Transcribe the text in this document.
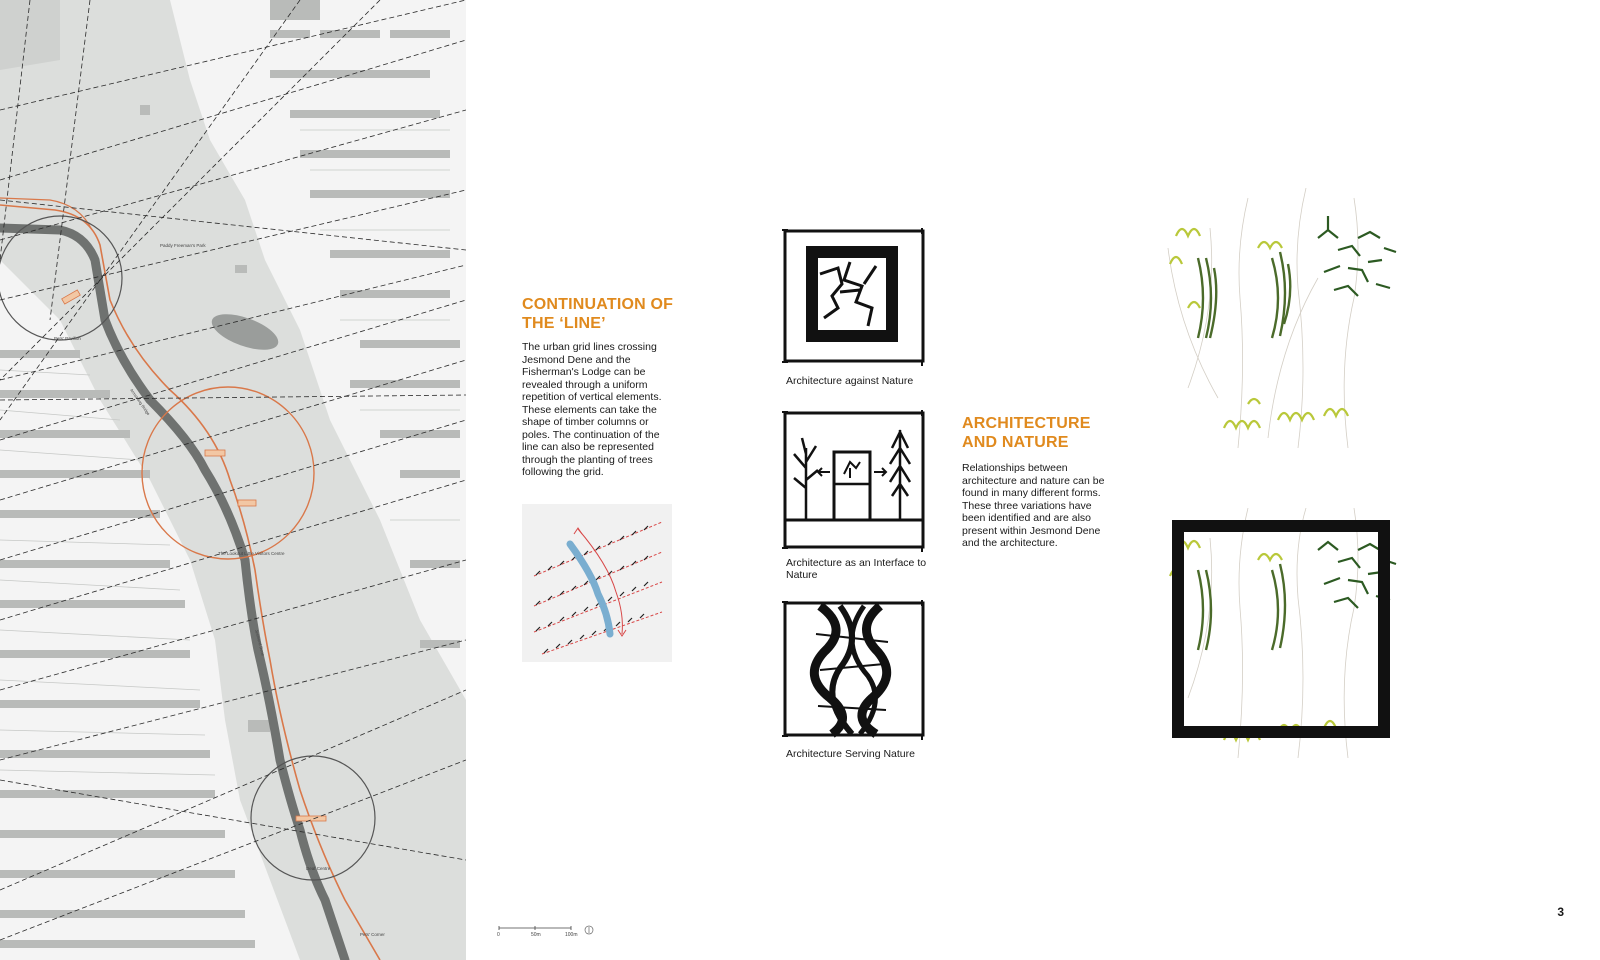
Paddy Freeman's Park
Pets' Pavilion
The Lookout Little Visitors Centre
Armstrong Bridge
Pets' Corner
Jesmond Dene
Deaf Centre
CONTINUATION OF
THE ‘LINE’

The urban grid lines crossing Jesmond Dene and the Fisherman's Lodge can be revealed through a uniform repetition of vertical elements. These elements can take the shape of timber columns or poles. The continuation of the line can also be represented through the planting of trees following the grid.

Architecture against Nature
Architecture as an Interface to
Nature
Architecture Serving Nature
ARCHITECTURE
AND NATURE

Relationships between architecture and nature can be found in many different forms. These three variations have been identified and are also present within Jesmond Dene and the architecture.

0	50m	100m
3
